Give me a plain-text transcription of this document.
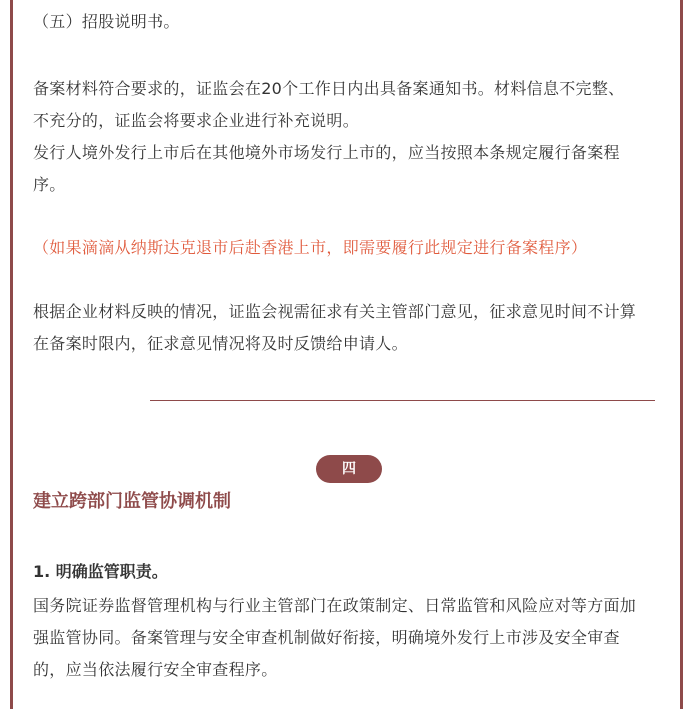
（五）招股说明书。
备案材料符合要求的，证监会在20个工作日内出具备案通知书。材料信息不完整、
不充分的，证监会将要求企业进行补充说明。
发行人境外发行上市后在其他境外市场发行上市的，应当按照本条规定履行备案程
序。
（如果滴滴从纳斯达克退市后赴香港上市，即需要履行此规定进行备案程序）
根据企业材料反映的情况，证监会视需征求有关主管部门意见，征求意见时间不计算
在备案时限内，征求意见情况将及时反馈给申请人。
四
建立跨部门监管协调机制
1. 明确监管职责。
国务院证券监督管理机构与行业主管部门在政策制定、日常监管和风险应对等方面加
强监管协同。备案管理与安全审查机制做好衔接，明确境外发行上市涉及安全审查
的，应当依法履行安全审查程序。
